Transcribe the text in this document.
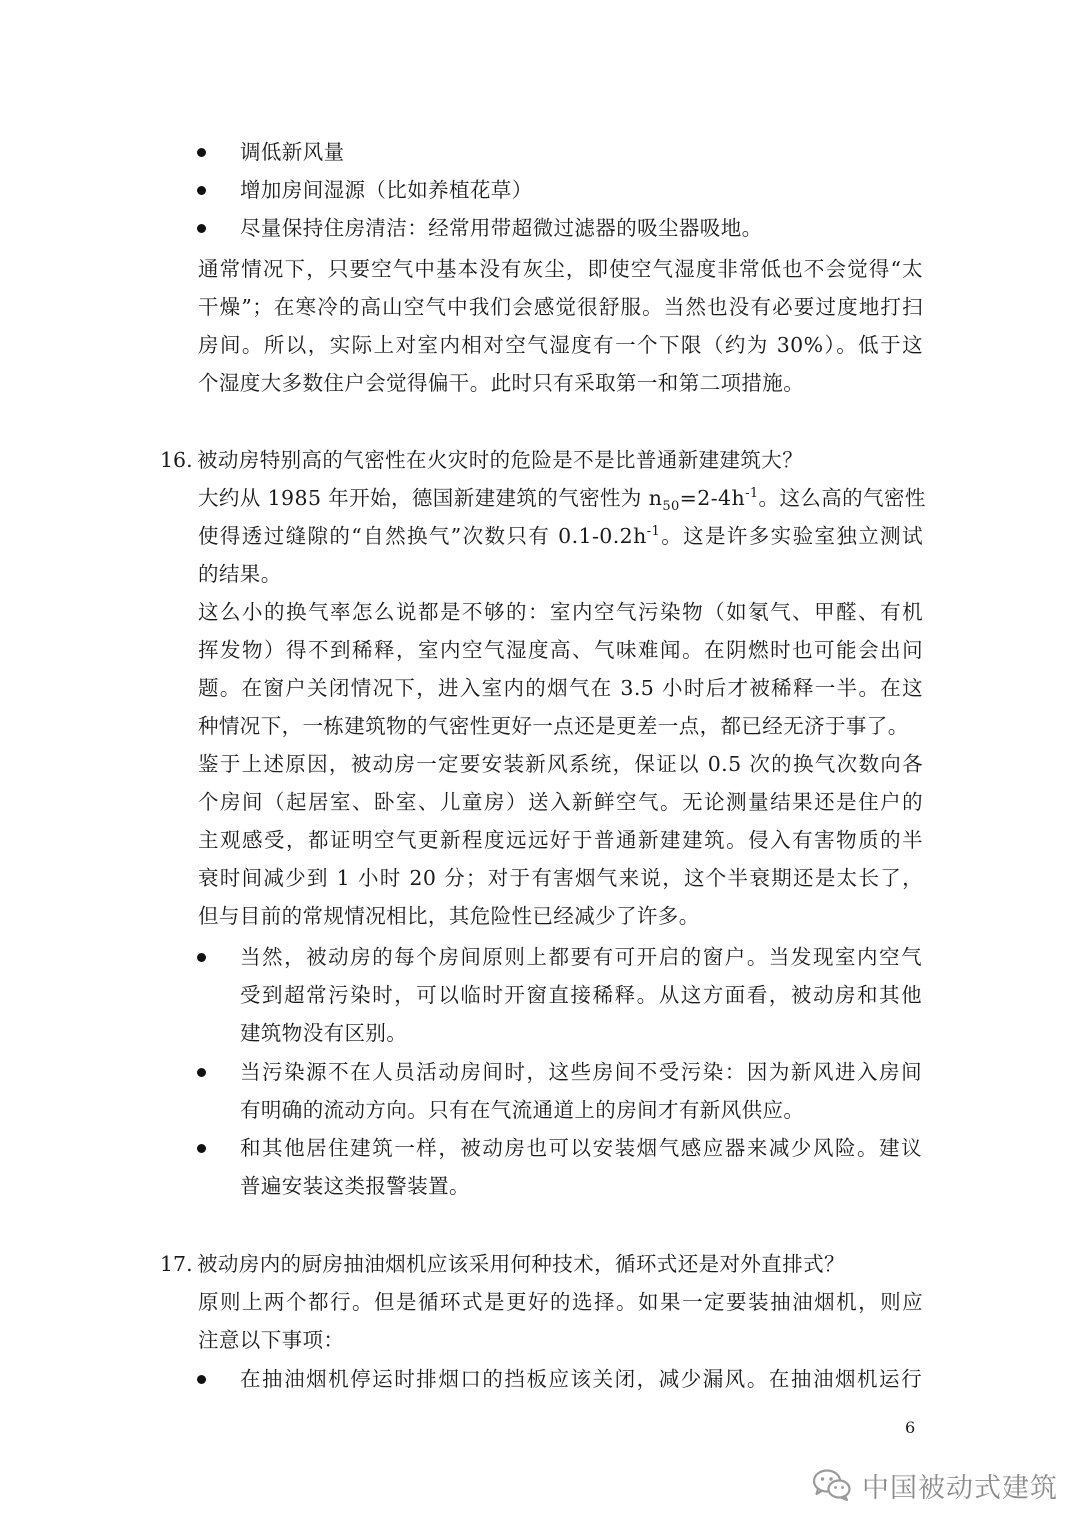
调低新风量
增加房间湿源（比如养植花草）
尽量保持住房清洁：经常用带超微过滤器的吸尘器吸地。
通常情况下，只要空气中基本没有灰尘，即使空气湿度非常低也不会觉得“太
干燥”；在寒冷的高山空气中我们会感觉很舒服。当然也没有必要过度地打扫
房间。所以，实际上对室内相对空气湿度有一个下限（约为 30%）。低于这
个湿度大多数住户会觉得偏干。此时只有采取第一和第二项措施。
16. 被动房特别高的气密性在火灾时的危险是不是比普通新建建筑大？
大约从 1985 年开始，德国新建建筑的气密性为 $n_{50}=2-4h^{-1}$。这么高的气密性
使得透过缝隙的“自然换气”次数只有 $0.1-0.2h^{-1}$。这是许多实验室独立测试
的结果。
这么小的换气率怎么说都是不够的：室内空气污染物（如氡气、甲醛、有机
挥发物）得不到稀释，室内空气湿度高、气味难闻。在阴燃时也可能会出问
题。在窗户关闭情况下，进入室内的烟气在 3.5 小时后才被稀释一半。在这
种情况下，一栋建筑物的气密性更好一点还是更差一点，都已经无济于事了。
鉴于上述原因，被动房一定要安装新风系统，保证以 0.5 次的换气次数向各
个房间（起居室、卧室、儿童房）送入新鲜空气。无论测量结果还是住户的
主观感受，都证明空气更新程度远远好于普通新建建筑。侵入有害物质的半
衰时间减少到 1 小时 20 分；对于有害烟气来说，这个半衰期还是太长了，
但与目前的常规情况相比，其危险性已经减少了许多。
当然，被动房的每个房间原则上都要有可开启的窗户。当发现室内空气
受到超常污染时，可以临时开窗直接稀释。从这方面看，被动房和其他
建筑物没有区别。
当污染源不在人员活动房间时，这些房间不受污染：因为新风进入房间
有明确的流动方向。只有在气流通道上的房间才有新风供应。
和其他居住建筑一样，被动房也可以安装烟气感应器来减少风险。建议
普遍安装这类报警装置。
17. 被动房内的厨房抽油烟机应该采用何种技术，循环式还是对外直排式？
原则上两个都行。但是循环式是更好的选择。如果一定要装抽油烟机，则应
注意以下事项：
在抽油烟机停运时排烟口的挡板应该关闭，减少漏风。在抽油烟机运行
6
中国被动式建筑
